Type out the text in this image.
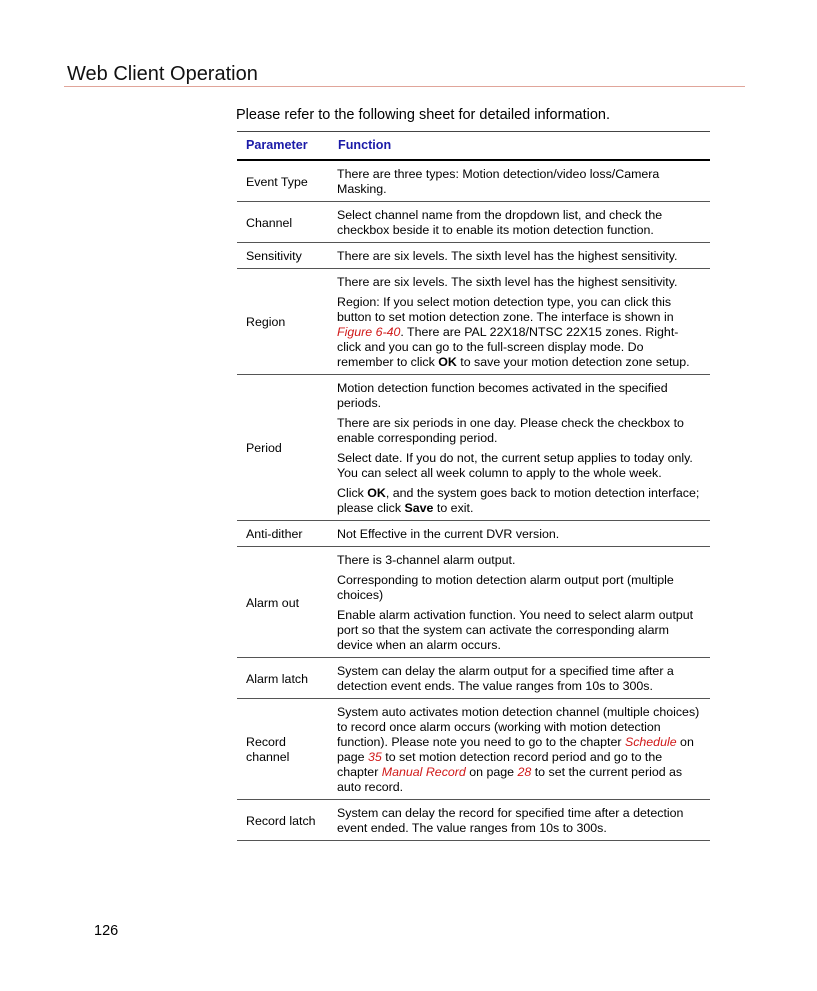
Web Client Operation
Please refer to the following sheet for detailed information.
Parameter	Function
Event Type	There are three types: Motion detection/video loss/Camera Masking.

Channel	Select channel name from the dropdown list, and check the checkbox beside it to enable its motion detection function.

Sensitivity	There are six levels. The sixth level has the highest sensitivity.

Region	There are six levels. The sixth level has the highest sensitivity.

Region: If you select motion detection type, you can click this button to set motion detection zone. The interface is shown in Figure 6-40. There are PAL 22X18/NTSC 22X15 zones. Right-click and you can go to the full-screen display mode. Do remember to click OK to save your motion detection zone setup.

Period	Motion detection function becomes activated in the specified periods.

There are six periods in one day. Please check the checkbox to enable corresponding period.

Select date. If you do not, the current setup applies to today only. You can select all week column to apply to the whole week.

Click OK, and the system goes back to motion detection interface; please click Save to exit.

Anti-dither	Not Effective in the current DVR version.

Alarm out	There is 3-channel alarm output.

Corresponding to motion detection alarm output port (multiple choices)

Enable alarm activation function. You need to select alarm output port so that the system can activate the corresponding alarm device when an alarm occurs.

Alarm latch	System can delay the alarm output for a specified time after a detection event ends. The value ranges from 10s to 300s.

Record channel	System auto activates motion detection channel (multiple choices) to record once alarm occurs (working with motion detection function). Please note you need to go to the chapter Schedule on page 35 to set motion detection record period and go to the chapter Manual Record on page 28 to set the current period as auto record.

Record latch	System can delay the record for specified time after a detection event ended. The value ranges from 10s to 300s.

126
